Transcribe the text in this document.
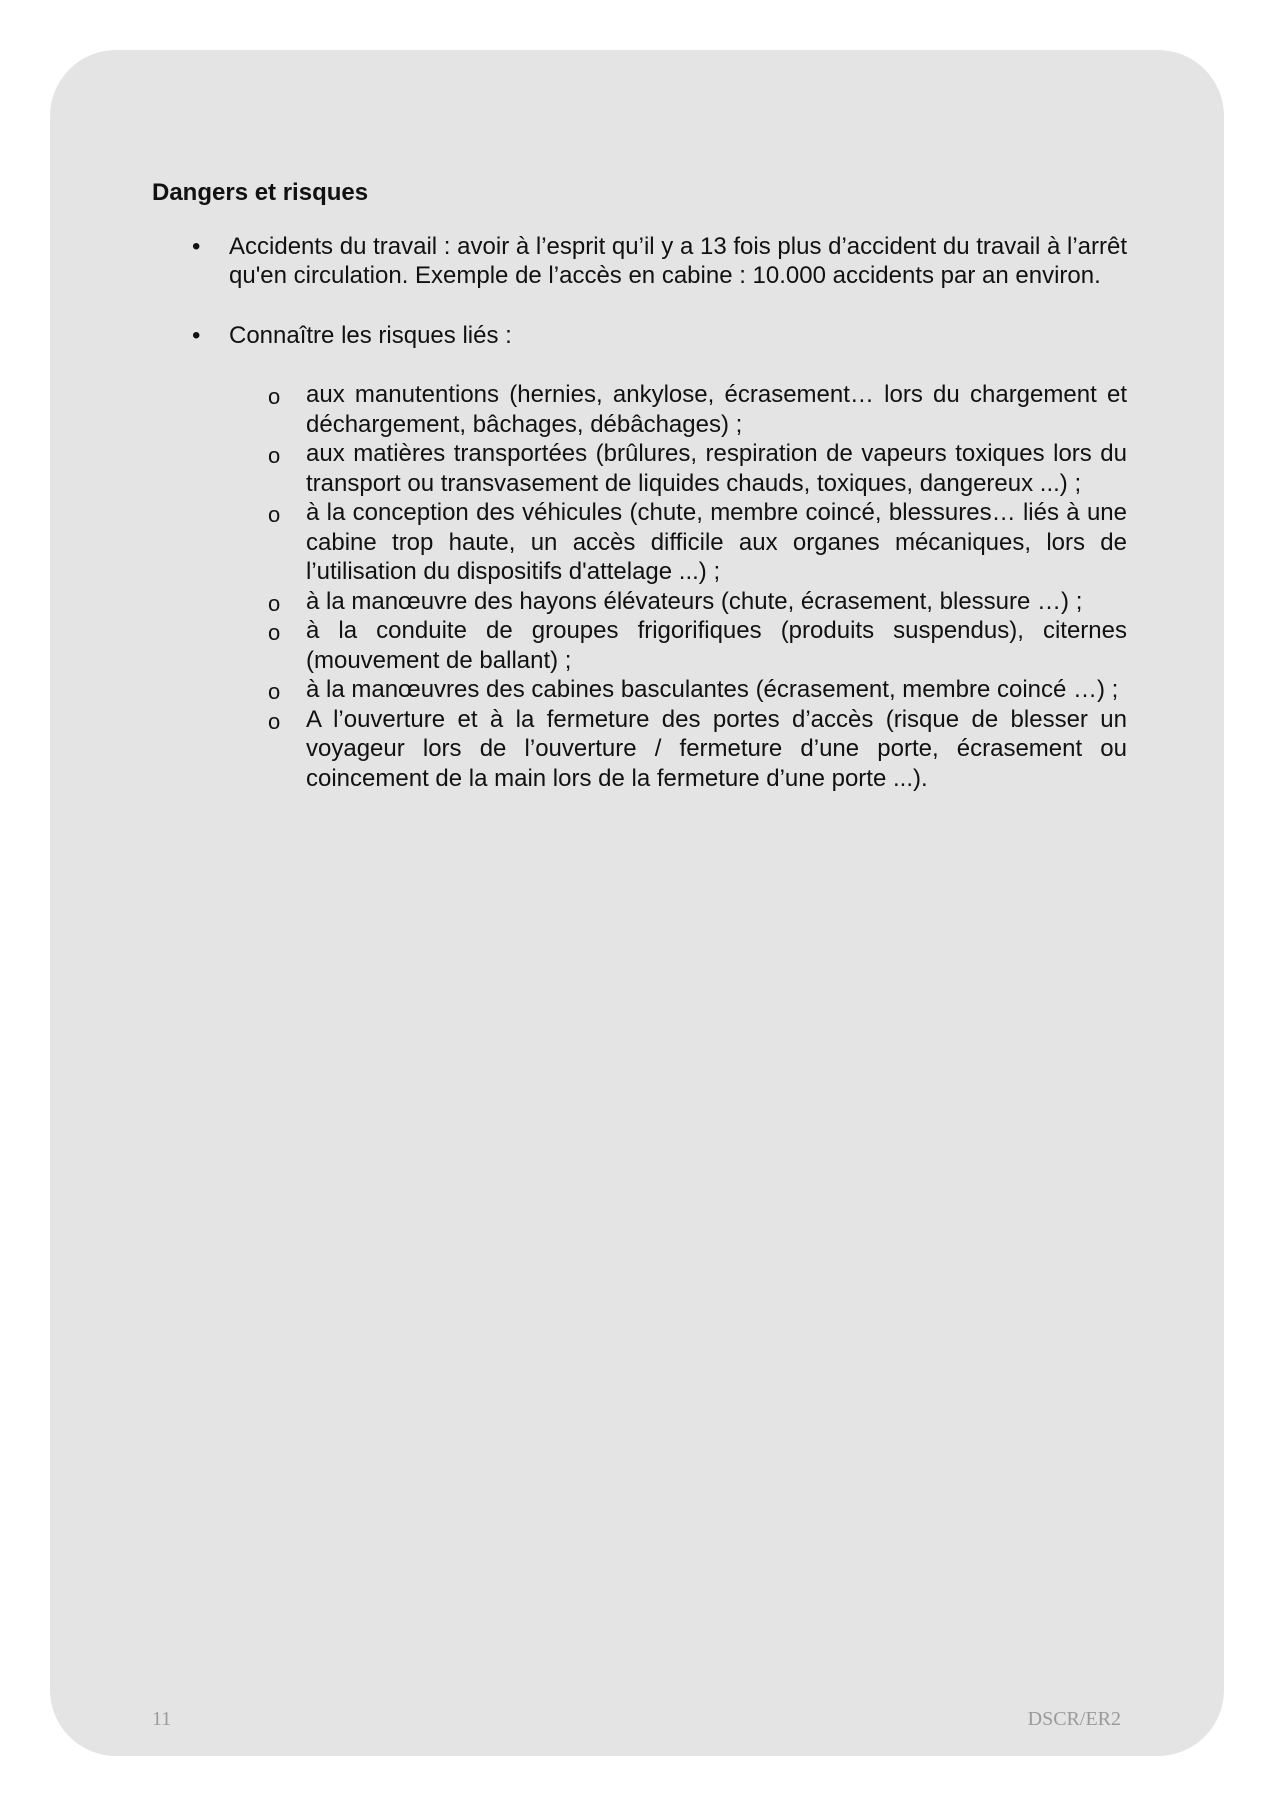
Dangers et risques
•	Accidents du travail : avoir à l’esprit qu’il y a 13 fois plus d’accident du travail à l’arrêt qu'en circulation. Exemple de l’accès en cabine : 10.000 accidents par an environ.
•	Connaître les risques liés :
o aux manutentions (hernies, ankylose, écrasement… lors du chargement et déchargement, bâchages, débâchages) ;
o aux matières transportées (brûlures, respiration de vapeurs toxiques lors du transport ou transvasement de liquides chauds, toxiques, dangereux ...) ;
o à la conception des véhicules (chute, membre coincé, blessures… liés à une cabine trop haute, un accès difficile aux organes mécaniques, lors de l’utilisation du dispositifs d'attelage ...) ;
o à la manœuvre des hayons élévateurs (chute, écrasement, blessure …) ;
o à la conduite de groupes frigorifiques (produits suspendus), citernes (mouvement de ballant) ;
o à la manœuvres des cabines basculantes (écrasement, membre coincé …) ;
o A l’ouverture et à la fermeture des portes d’accès (risque de blesser un voyageur lors de l’ouverture / fermeture d’une porte, écrasement ou coincement de la main lors de la fermeture d’une porte ...).
11	DSCR/ER2
